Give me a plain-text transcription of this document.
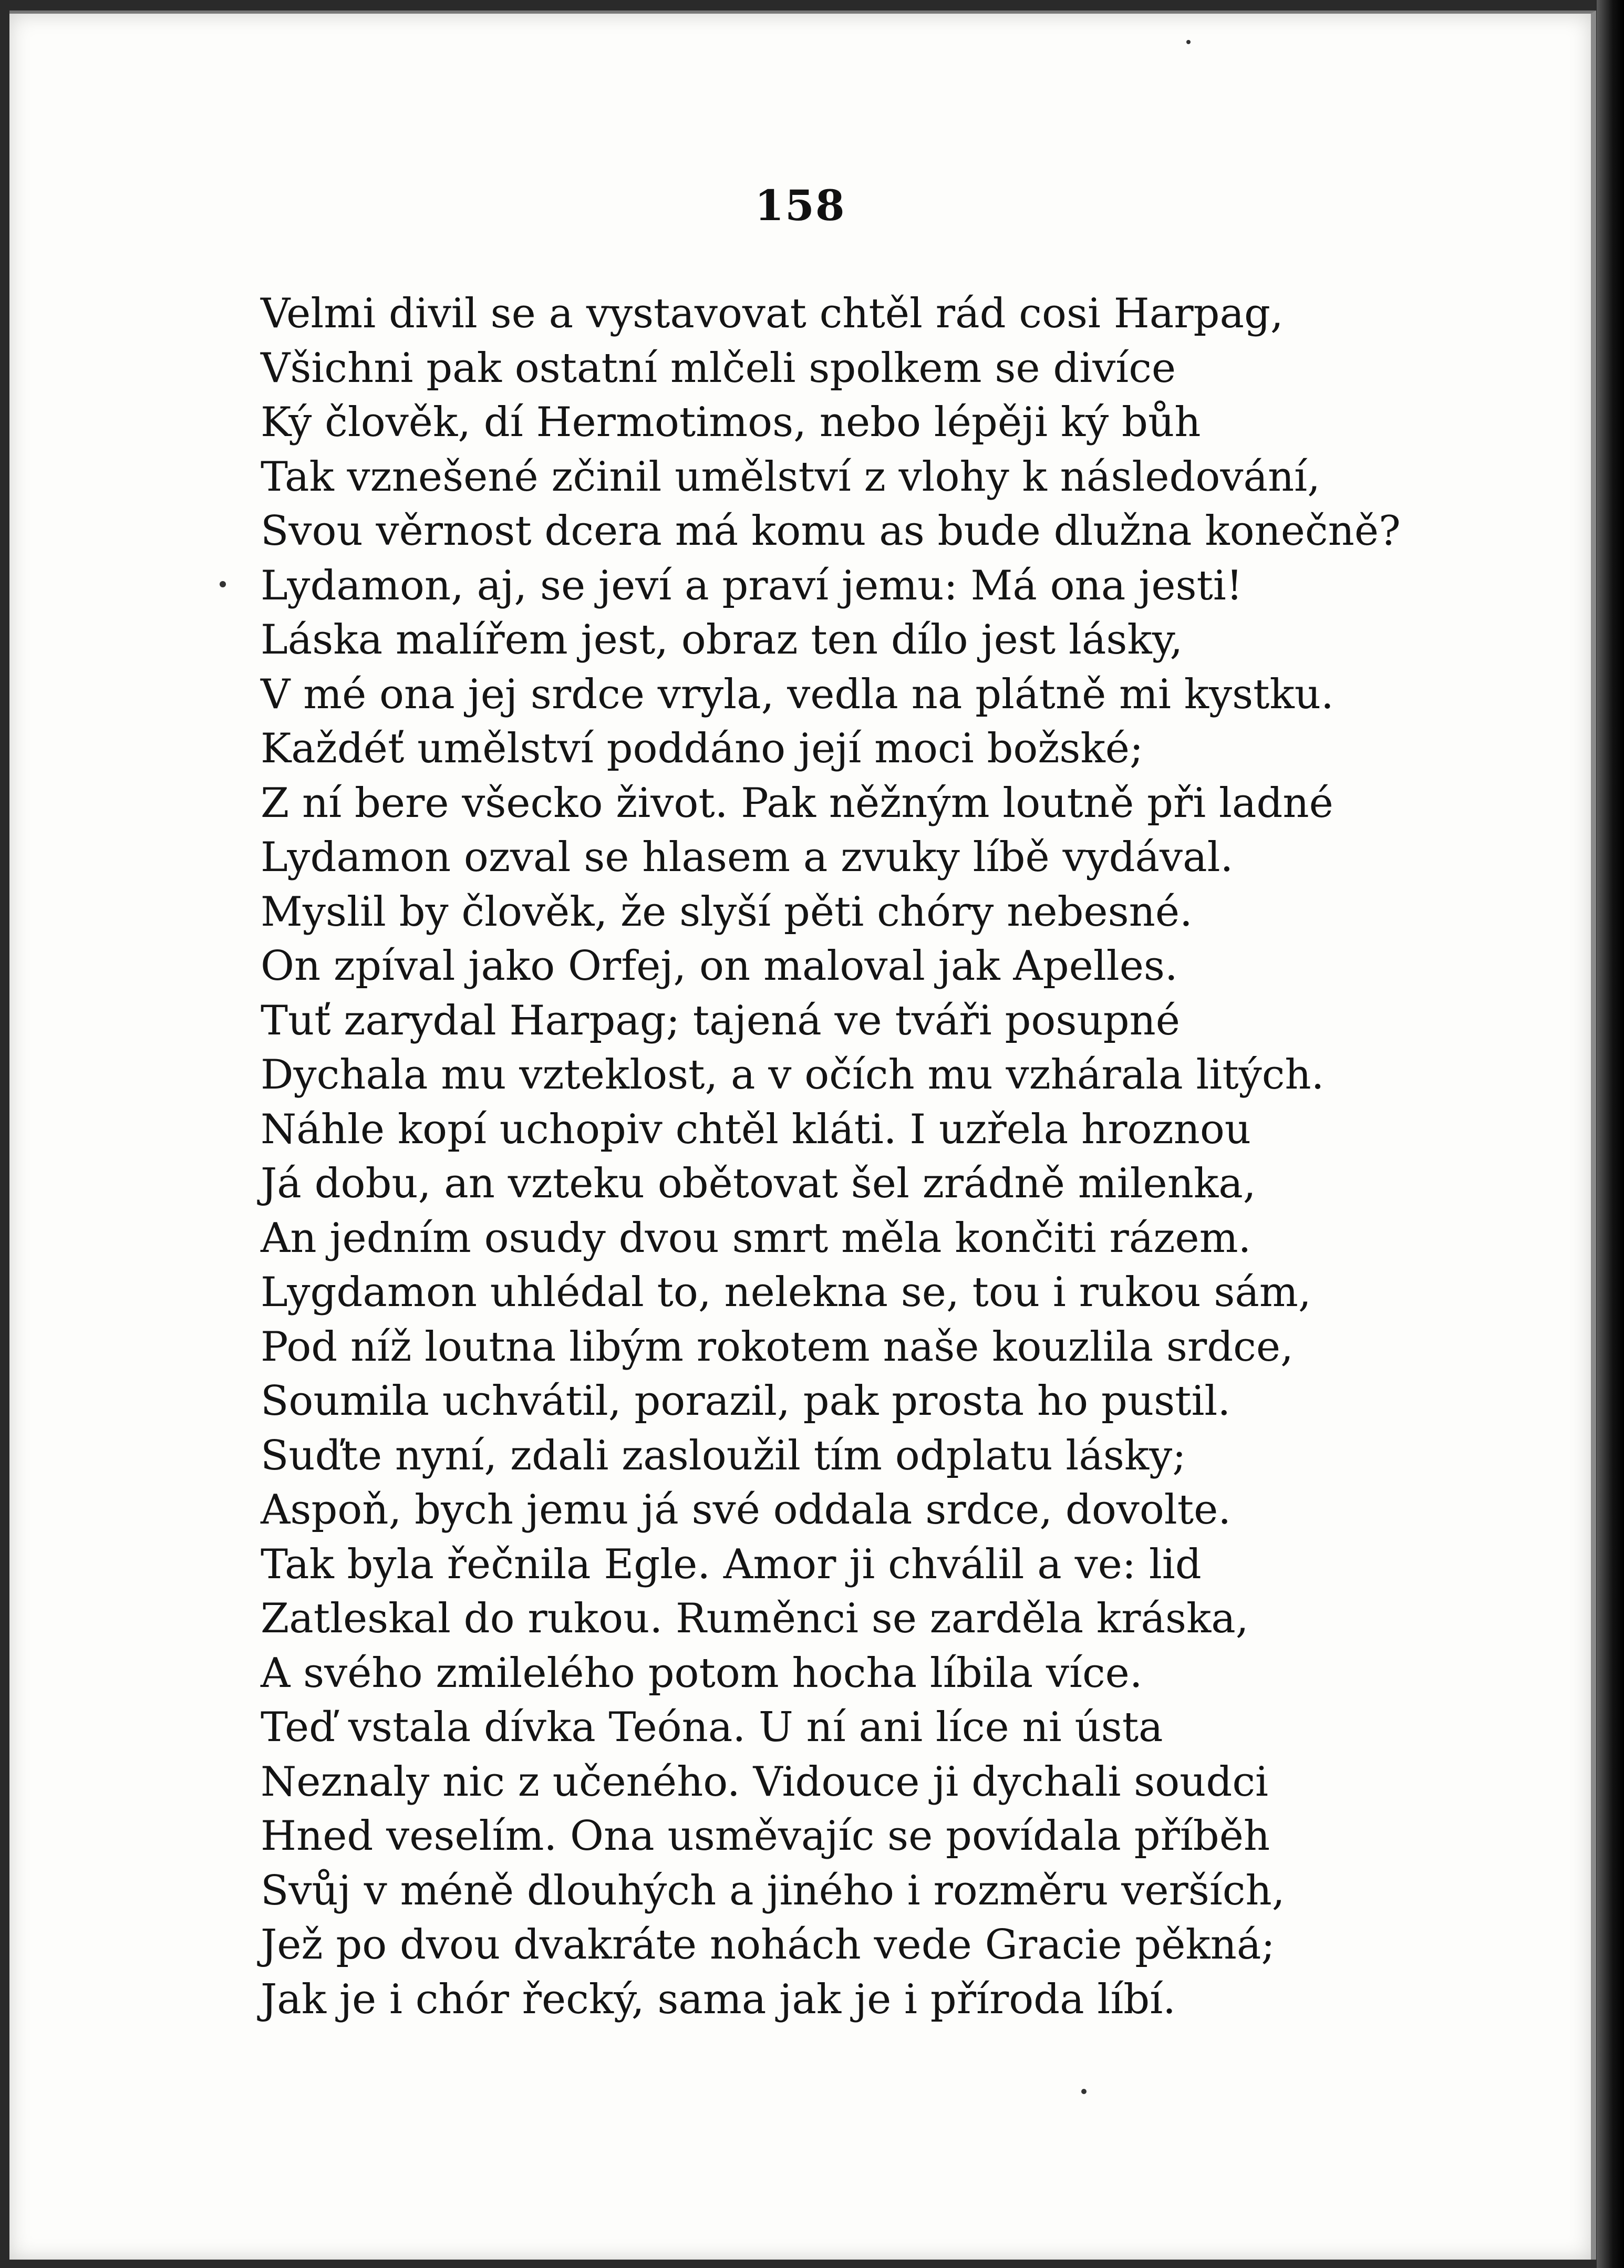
158
Velmi divil se a vystavovat chtěl rád cosi Harpag,
Všichni pak ostatní mlčeli spolkem se divíce
Ký člověk, dí Hermotimos, nebo lépěji ký bůh
Tak vznešené zčinil umělství z vlohy k následování,
Svou věrnost dcera má komu as bude dlužna konečně?
Lydamon, aj, se jeví a praví jemu: Má ona jesti!
Láska malířem jest, obraz ten dílo jest lásky,
V mé ona jej srdce vryla, vedla na plátně mi kystku.
Každéť umělství poddáno její moci božské;
Z ní bere všecko život. Pak něžným loutně při ladné
Lydamon ozval se hlasem a zvuky líbě vydával.
Myslil by člověk, že slyší pěti chóry nebesné.
On zpíval jako Orfej, on maloval jak Apelles.
Tuť zarydal Harpag; tajená ve tváři posupné
Dychala mu vzteklost, a v očích mu vzhárala litých.
Náhle kopí uchopiv chtěl kláti. I uzřela hroznou
Já dobu, an vzteku obětovat šel zrádně milenka,
An jedním osudy dvou smrt měla končiti rázem.
Lygdamon uhlédal to, nelekna se, tou i rukou sám,
Pod níž loutna libým rokotem naše kouzlila srdce,
Soumila uchvátil, porazil, pak prosta ho pustil.
Suďte nyní, zdali zasloužil tím odplatu lásky;
Aspoň, bych jemu já své oddala srdce, dovolte.
Tak byla řečnila Egle. Amor ji chválil a ve: lid
Zatleskal do rukou. Ruměnci se zarděla kráska,
A svého zmileléhо potom hocha líbila více.
Teď vstala dívka Teóna. U ní ani líce ni ústa
Neznaly nic z učeného. Vidouce ji dychali soudci
Hned veselím. Ona usměvajíc se povídala příběh
Svůj v méně dlouhých a jiného i rozměru verších,
Jež po dvou dvakráte nohách vede Gracie pěkná;
Jak je i chór řecký, sama jak je i příroda líbí.
